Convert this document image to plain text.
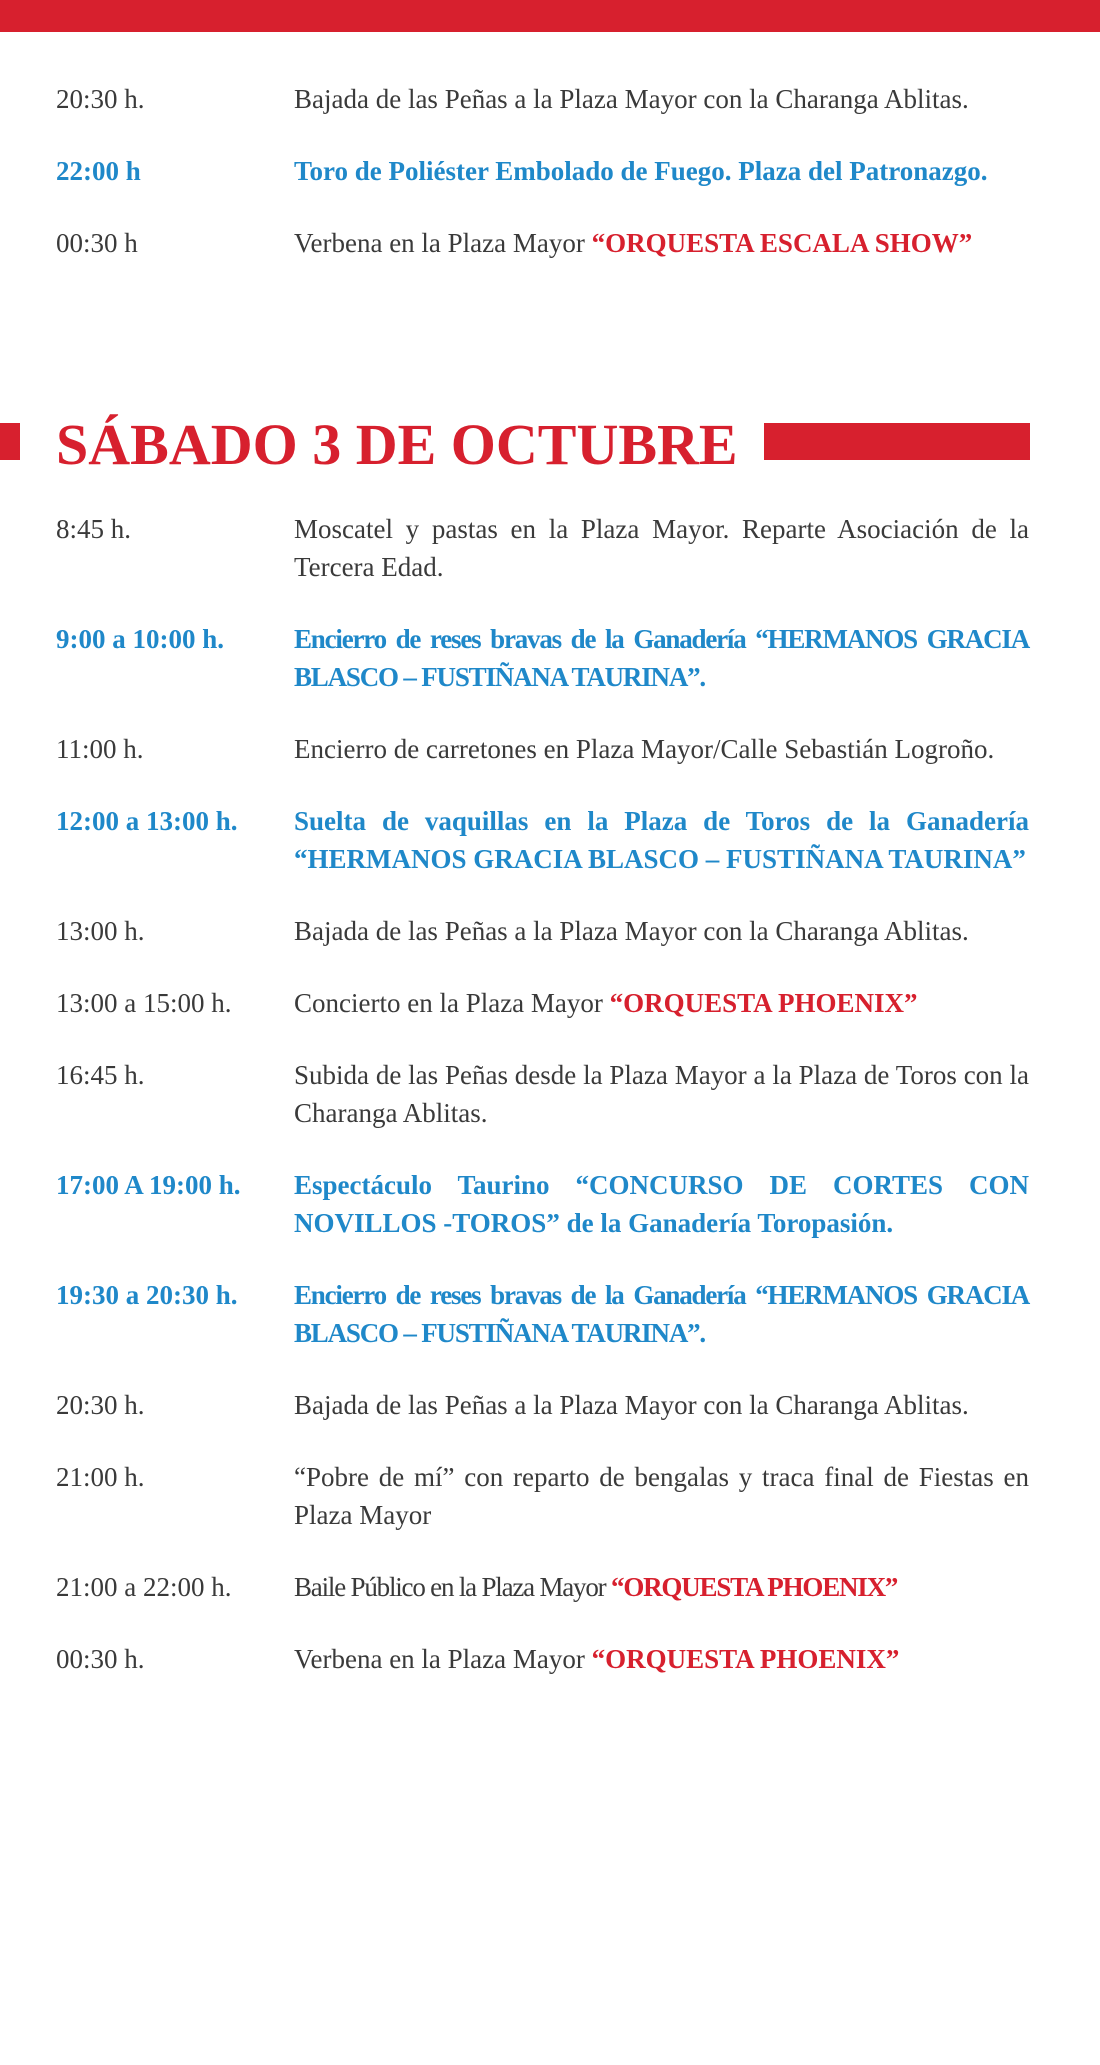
20:30 h.	Bajada de las Peñas a la Plaza Mayor con la Charanga Ablitas.
22:00 h	Toro de Poliéster Embolado de Fuego. Plaza del Patronazgo.
00:30 h	Verbena en la Plaza Mayor “ORQUESTA ESCALA SHOW”
SÁBADO 3 DE OCTUBRE
8:45 h.	Moscatel y pastas en la Plaza Mayor. Reparte Asociación de la Tercera Edad.
9:00 a 10:00 h.	Encierro de reses bravas de la Ganadería “HERMANOS GRACIA BLASCO – FUSTIÑANA TAURINA”.
11:00 h.	Encierro de carretones en Plaza Mayor/Calle Sebastián Logroño.
12:00 a 13:00 h.	Suelta de vaquillas en la Plaza de Toros de la Ganadería “HERMANOS GRACIA BLASCO – FUSTIÑANA TAURINA”
13:00 h.	Bajada de las Peñas a la Plaza Mayor con la Charanga Ablitas.
13:00 a 15:00 h.	Concierto en la Plaza Mayor “ORQUESTA PHOENIX”
16:45 h.	Subida de las Peñas desde la Plaza Mayor a la Plaza de Toros con la Charanga Ablitas.
17:00 A 19:00 h.	Espectáculo Taurino “CONCURSO DE CORTES CON NOVILLOS -TOROS” de la Ganadería Toropasión.
19:30 a 20:30 h.	Encierro de reses bravas de la Ganadería “HERMANOS GRACIA BLASCO – FUSTIÑANA TAURINA”.
20:30 h.	Bajada de las Peñas a la Plaza Mayor con la Charanga Ablitas.
21:00 h.	“Pobre de mí” con reparto de bengalas y traca final de Fiestas en Plaza Mayor
21:00 a 22:00 h.	Baile Público en la Plaza Mayor “ORQUESTA PHOENIX”
00:30 h.	Verbena en la Plaza Mayor “ORQUESTA PHOENIX”
